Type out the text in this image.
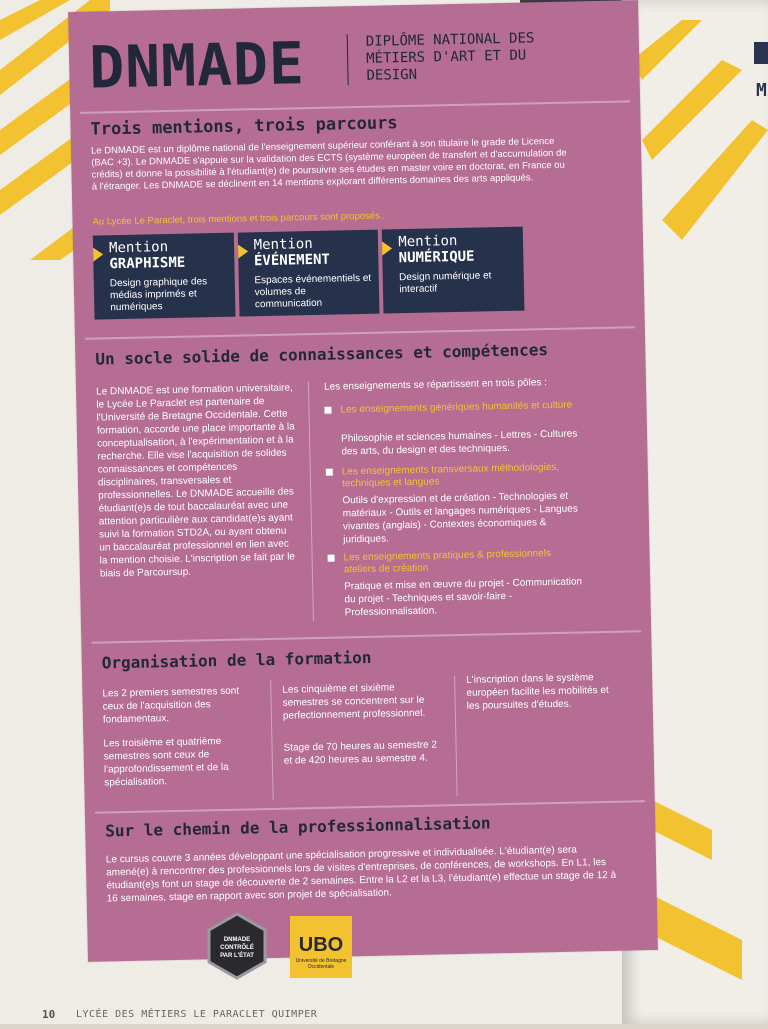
M
DNMADE	DIPLÔME NATIONAL DES MÉTIERS D'ART ET DU DESIGN
Trois mentions, trois parcours
Le DNMADE est un diplôme national de l'enseignement supérieur conférant à son titulaire le grade de Licence (BAC +3). Le DNMADE s'appuie sur la validation des ECTS (système européen de transfert et d'accumulation de crédits) et donne la possibilité à l'étudiant(e) de poursuivre ses études en master voire en doctorat, en France ou à l'étranger. Les DNMADE se déclinent en 14 mentions explorant différents domaines des arts appliqués.
Au Lycée Le Paraclet, trois mentions et trois parcours sont proposés :
Mention
GRAPHISME
Design graphique des médias imprimés et numériques
Mention
ÉVÉNEMENT
Espaces événementiels et volumes de communication
Mention
NUMÉRIQUE
Design numérique et interactif
Un socle solide de connaissances et compétences
Le DNMADE est une formation universitaire, le Lycée Le Paraclet est partenaire de l'Université de Bretagne Occidentale. Cette formation, accorde une place importante à la conceptualisation, à l'expérimentation et à la recherche. Elle vise l'acquisition de solides connaissances et compétences disciplinaires, transversales et professionnelles. Le DNMADE accueille des étudiant(e)s de tout baccalauréat avec une attention particulière aux candidat(e)s ayant suivi la formation STD2A, ou ayant obtenu un baccalauréat professionnel en lien avec la mention choisie. L'inscription se fait par le biais de Parcoursup.
Les enseignements se répartissent en trois pôles :
Les enseignements génériques humanités et culture
Philosophie et sciences humaines - Lettres - Cultures des arts, du design et des techniques.
Les enseignements transversaux méthodologies, techniques et langues
Outils d'expression et de création - Technologies et matériaux - Outils et langages numériques - Langues vivantes (anglais) - Contextes économiques & juridiques.
Les enseignements pratiques & professionnels ateliers de création
Pratique et mise en œuvre du projet - Communication du projet - Techniques et savoir-faire - Professionnalisation.
Organisation de la formation
Les 2 premiers semestres sont ceux de l'acquisition des fondamentaux.
Les troisième et quatrième semestres sont ceux de l'approfondissement et de la spécialisation.
Les cinquième et sixième semestres se concentrent sur le perfectionnement professionnel.
Stage de 70 heures au semestre 2 et de 420 heures au semestre 4.
L'inscription dans le système européen facilite les mobilités et les poursuites d'études.
Sur le chemin de la professionnalisation
Le cursus couvre 3 années développant une spécialisation progressive et individualisée. L'étudiant(e) sera amené(e) à rencontrer des professionnels lors de visites d'entreprises, de conférences, de workshops. En L1, les étudiant(e)s font un stage de découverte de 2 semaines. Entre la L2 et la L3, l'étudiant(e) effectue un stage de 12 à 16 semaines, stage en rapport avec son projet de spécialisation.
DNMADE
CONTRÔLÉ
PAR L'ÉTAT	UBO
Université de Bretagne Occidentale
10 LYCÉE DES MÉTIERS LE PARACLET QUIMPER
